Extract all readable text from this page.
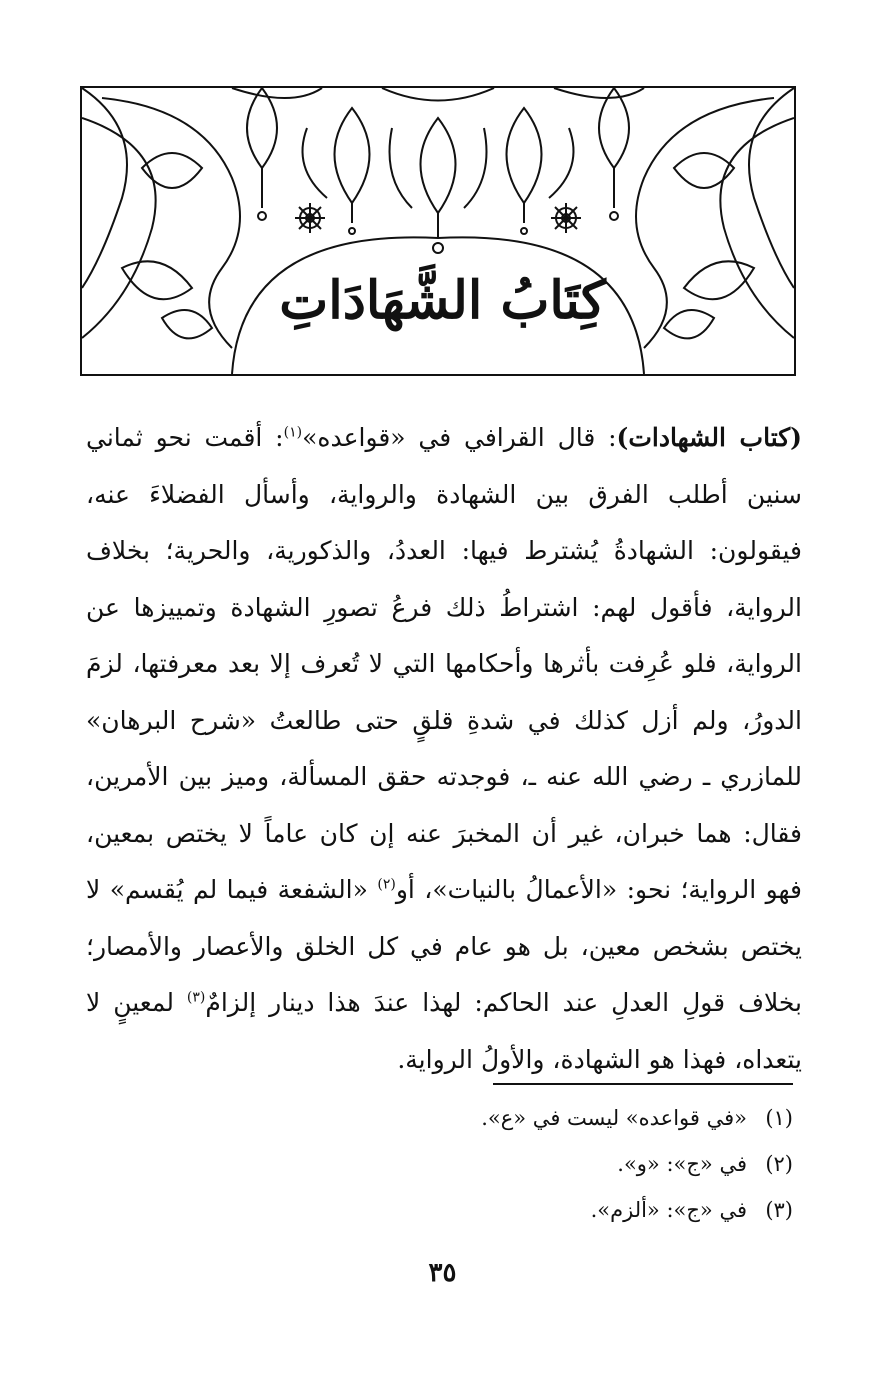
كِتَابُ الشَّهَادَاتِ

(كتاب الشهادات): قال القرافي في «قواعده»$^{(١)}$: أقمت نحو ثماني سنين أطلب الفرق بين الشهادة والرواية، وأسأل الفضلاءَ عنه، فيقولون: الشهادةُ يُشترط فيها: العددُ، والذكورية، والحرية؛ بخلاف الرواية، فأقول لهم: اشتراطُ ذلك فرعُ تصورِ الشهادة وتمييزها عن الرواية، فلو عُرِفت بأثرها وأحكامها التي لا تُعرف إلا بعد معرفتها، لزمَ الدورُ، ولم أزل كذلك في شدةِ قلقٍ حتى طالعتُ «شرح البرهان» للمازري ـ رضي الله عنه ـ، فوجدته حقق المسألة، وميز بين الأمرين، فقال: هما خبران، غير أن المخبرَ عنه إن كان عاماً لا يختص بمعين، فهو الرواية؛ نحو: «الأعمالُ بالنيات»، أو$^{(٢)}$ «الشفعة فيما لم يُقسم» لا يختص بشخص معين، بل هو عام في كل الخلق والأعصار والأمصار؛ بخلاف قولِ العدلِ عند الحاكم: لهذا عندَ هذا دينار إلزامٌ$^{(٣)}$ لمعينٍ لا يتعداه، فهذا هو الشهادة، والأولُ الرواية.

(١)«في قواعده» ليست في «ع».
(٢)في «ج»: «و».
(٣)في «ج»: «ألزم».
٣٥
